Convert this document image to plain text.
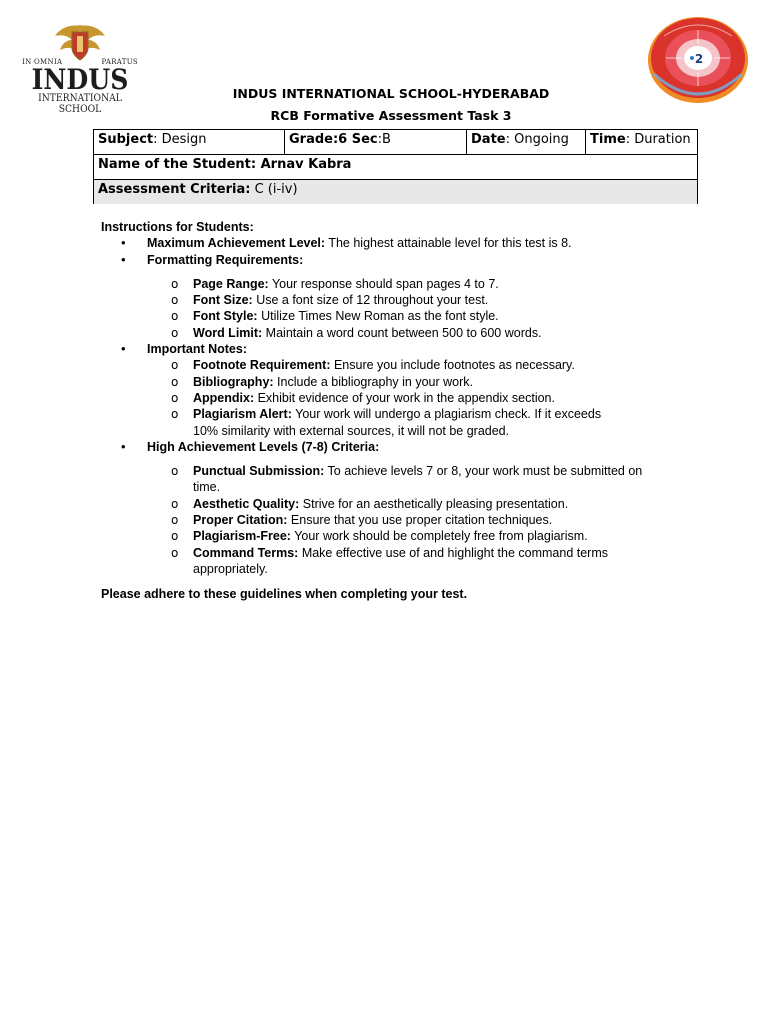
IN OMNIA	PARATUS
INDUS
INTERNATIONAL SCHOOL
2
INDUS INTERNATIONAL SCHOOL-HYDERABAD
RCB Formative Assessment Task 3
Subject: Design	Grade:6 Sec:B	Date: Ongoing	Time: Duration
Name of the Student: Arnav Kabra
Assessment Criteria: C (i-iv)

Instructions for Students:

• Maximum Achievement Level: The highest attainable level for this test is 8.
• Formatting Requirements:
o Page Range: Your response should span pages 4 to 7.
o Font Size: Use a font size of 12 throughout your test.
o Font Style: Utilize Times New Roman as the font style.
o Word Limit: Maintain a word count between 500 to 600 words.
• Important Notes:
o Footnote Requirement: Ensure you include footnotes as necessary.
o Bibliography: Include a bibliography in your work.
o Appendix: Exhibit evidence of your work in the appendix section.
o Plagiarism Alert: Your work will undergo a plagiarism check. If it exceeds 10% similarity with external sources, it will not be graded.
• High Achievement Levels (7-8) Criteria:
o Punctual Submission: To achieve levels 7 or 8, your work must be submitted on time.
o Aesthetic Quality: Strive for an aesthetically pleasing presentation.
o Proper Citation: Ensure that you use proper citation techniques.
o Plagiarism-Free: Your work should be completely free from plagiarism.
o Command Terms: Make effective use of and highlight the command terms appropriately.

Please adhere to these guidelines when completing your test.
